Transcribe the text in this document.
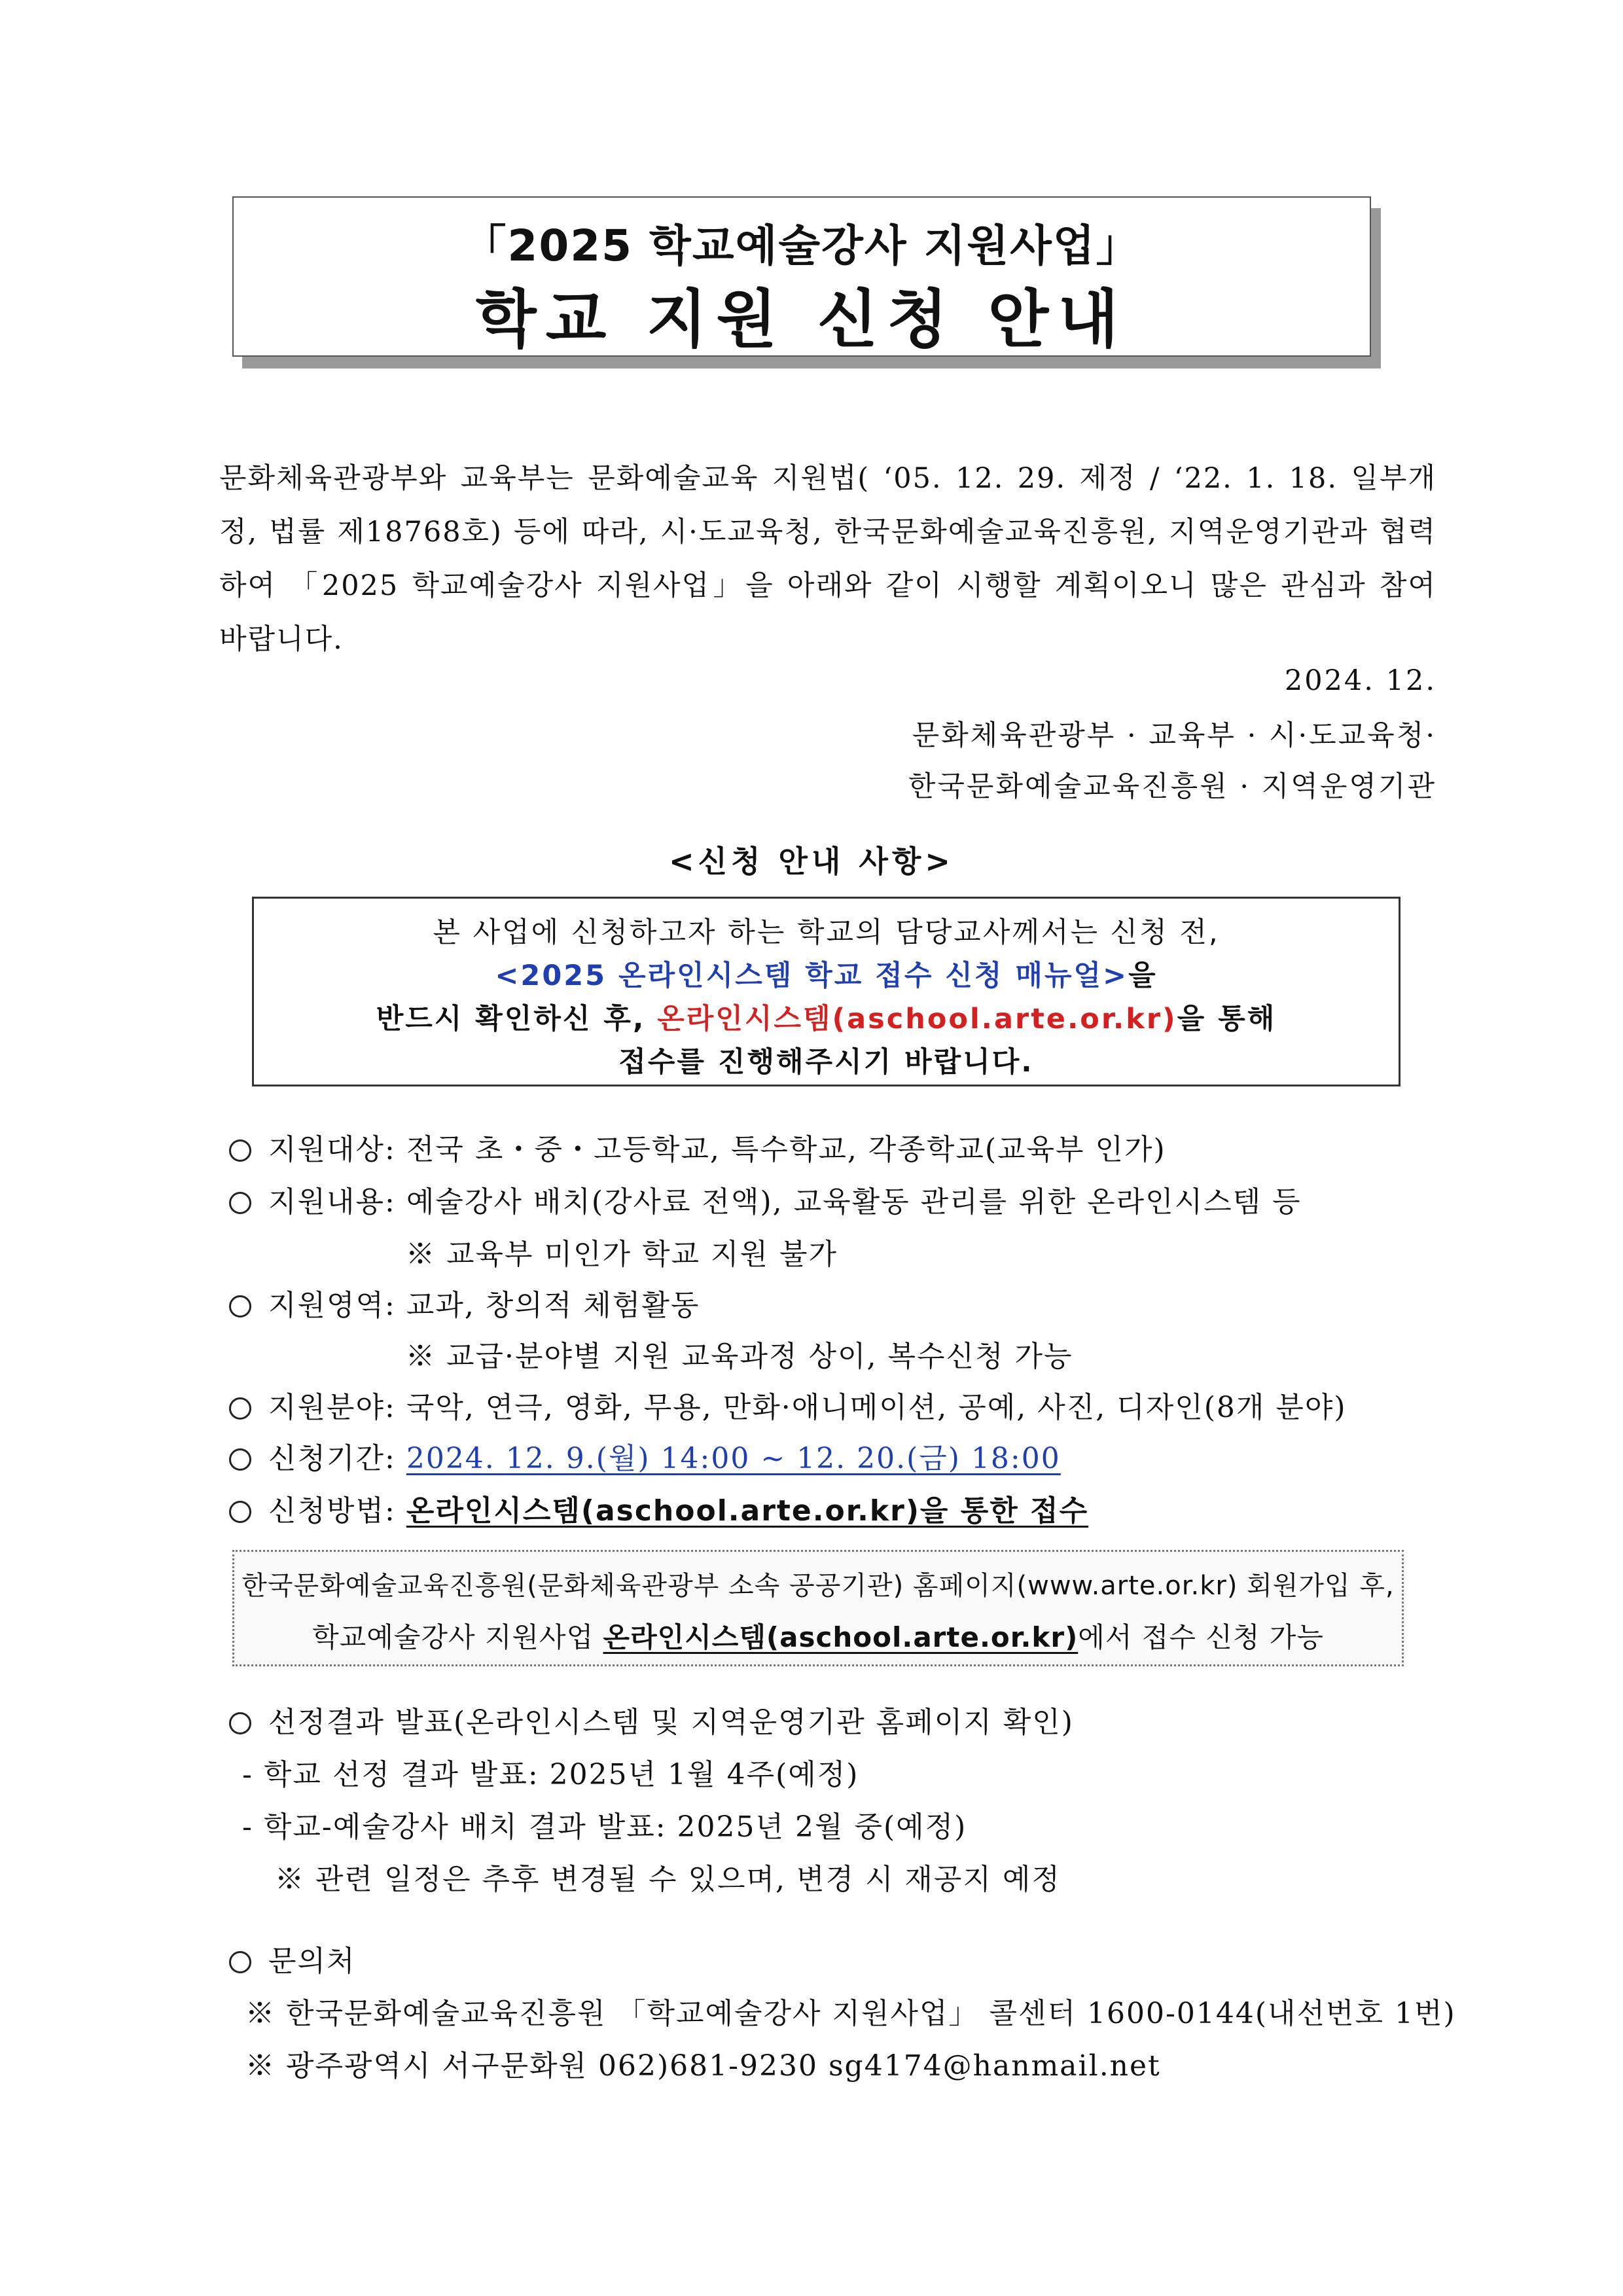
「2025 학교예술강사 지원사업」
학교 지원 신청 안내
문화체육관광부와 교육부는 문화예술교육 지원법( ‘05. 12. 29. 제정 / ‘22. 1. 18. 일부개정, 법률 제18768호) 등에 따라, 시·도교육청, 한국문화예술교육진흥원, 지역운영기관과 협력하여 「2025 학교예술강사 지원사업」을 아래와 같이 시행할 계획이오니 많은 관심과 참여 바랍니다.
2024. 12.
문화체육관광부 · 교육부 · 시·도교육청·
한국문화예술교육진흥원 · 지역운영기관
<신청 안내 사항>
본 사업에 신청하고자 하는 학교의 담당교사께서는 신청 전,
<2025 온라인시스템 학교 접수 신청 매뉴얼>을
반드시 확인하신 후, 온라인시스템(aschool.arte.or.kr)을 통해
접수를 진행해주시기 바랍니다.
지원대상: 전국 초・중・고등학교, 특수학교, 각종학교(교육부 인가)
지원내용: 예술강사 배치(강사료 전액), 교육활동 관리를 위한 온라인시스템 등
※ 교육부 미인가 학교 지원 불가
지원영역: 교과, 창의적 체험활동
※ 교급·분야별 지원 교육과정 상이, 복수신청 가능
지원분야: 국악, 연극, 영화, 무용, 만화·애니메이션, 공예, 사진, 디자인(8개 분야)
신청기간: 2024. 12. 9.(월) 14:00 ~ 12. 20.(금) 18:00
신청방법: 온라인시스템(aschool.arte.or.kr)을 통한 접수
한국문화예술교육진흥원(문화체육관광부 소속 공공기관) 홈페이지(www.arte.or.kr) 회원가입 후,
학교예술강사 지원사업 온라인시스템(aschool.arte.or.kr)에서 접수 신청 가능
선정결과 발표(온라인시스템 및 지역운영기관 홈페이지 확인)
- 학교 선정 결과 발표: 2025년 1월 4주(예정)
- 학교-예술강사 배치 결과 발표: 2025년 2월 중(예정)
※ 관련 일정은 추후 변경될 수 있으며, 변경 시 재공지 예정
문의처
※ 한국문화예술교육진흥원 「학교예술강사 지원사업」 콜센터 1600-0144(내선번호 1번)
※ 광주광역시 서구문화원 062)681-9230 sg4174@hanmail.net
